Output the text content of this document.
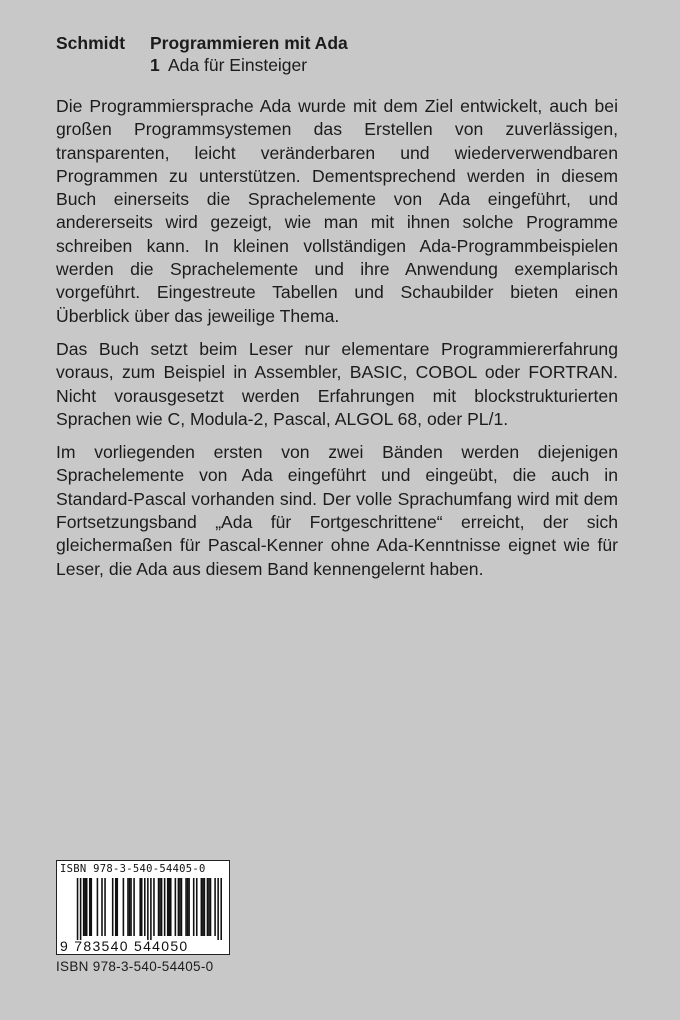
Schmidt	Programmieren mit Ada
1 Ada für Einsteiger

Die Programmiersprache Ada wurde mit dem Ziel entwickelt, auch bei großen Programmsystemen das Erstellen von zuverlässigen, transparenten, leicht veränderbaren und wiederverwendbaren Programmen zu unterstützen. Dementsprechend werden in diesem Buch einerseits die Sprachelemente von Ada eingeführt, und andererseits wird gezeigt, wie man mit ihnen solche Programme schreiben kann. In kleinen vollständigen Ada-Programmbeispielen werden die Sprachelemente und ihre Anwendung exemplarisch vorgeführt. Eingestreute Tabellen und Schaubilder bieten einen Überblick über das jeweilige Thema.

Das Buch setzt beim Leser nur elementare Programmiererfahrung voraus, zum Beispiel in Assembler, BASIC, COBOL oder FORTRAN. Nicht vorausgesetzt werden Erfahrungen mit blockstrukturierten Sprachen wie C, Modula-2, Pascal, ALGOL 68, oder PL/1.

Im vorliegenden ersten von zwei Bänden werden diejenigen Sprachelemente von Ada eingeführt und eingeübt, die auch in Standard-Pascal vorhanden sind. Der volle Sprachumfang wird mit dem Fortsetzungsband „Ada für Fortgeschrittene“ erreicht, der sich gleichermaßen für Pascal-Kenner ohne Ada-Kenntnisse eignet wie für Leser, die Ada aus diesem Band kennengelernt haben.

ISBN 978-3-540-54405-0
9 783540 544050
ISBN 978-3-540-54405-0
